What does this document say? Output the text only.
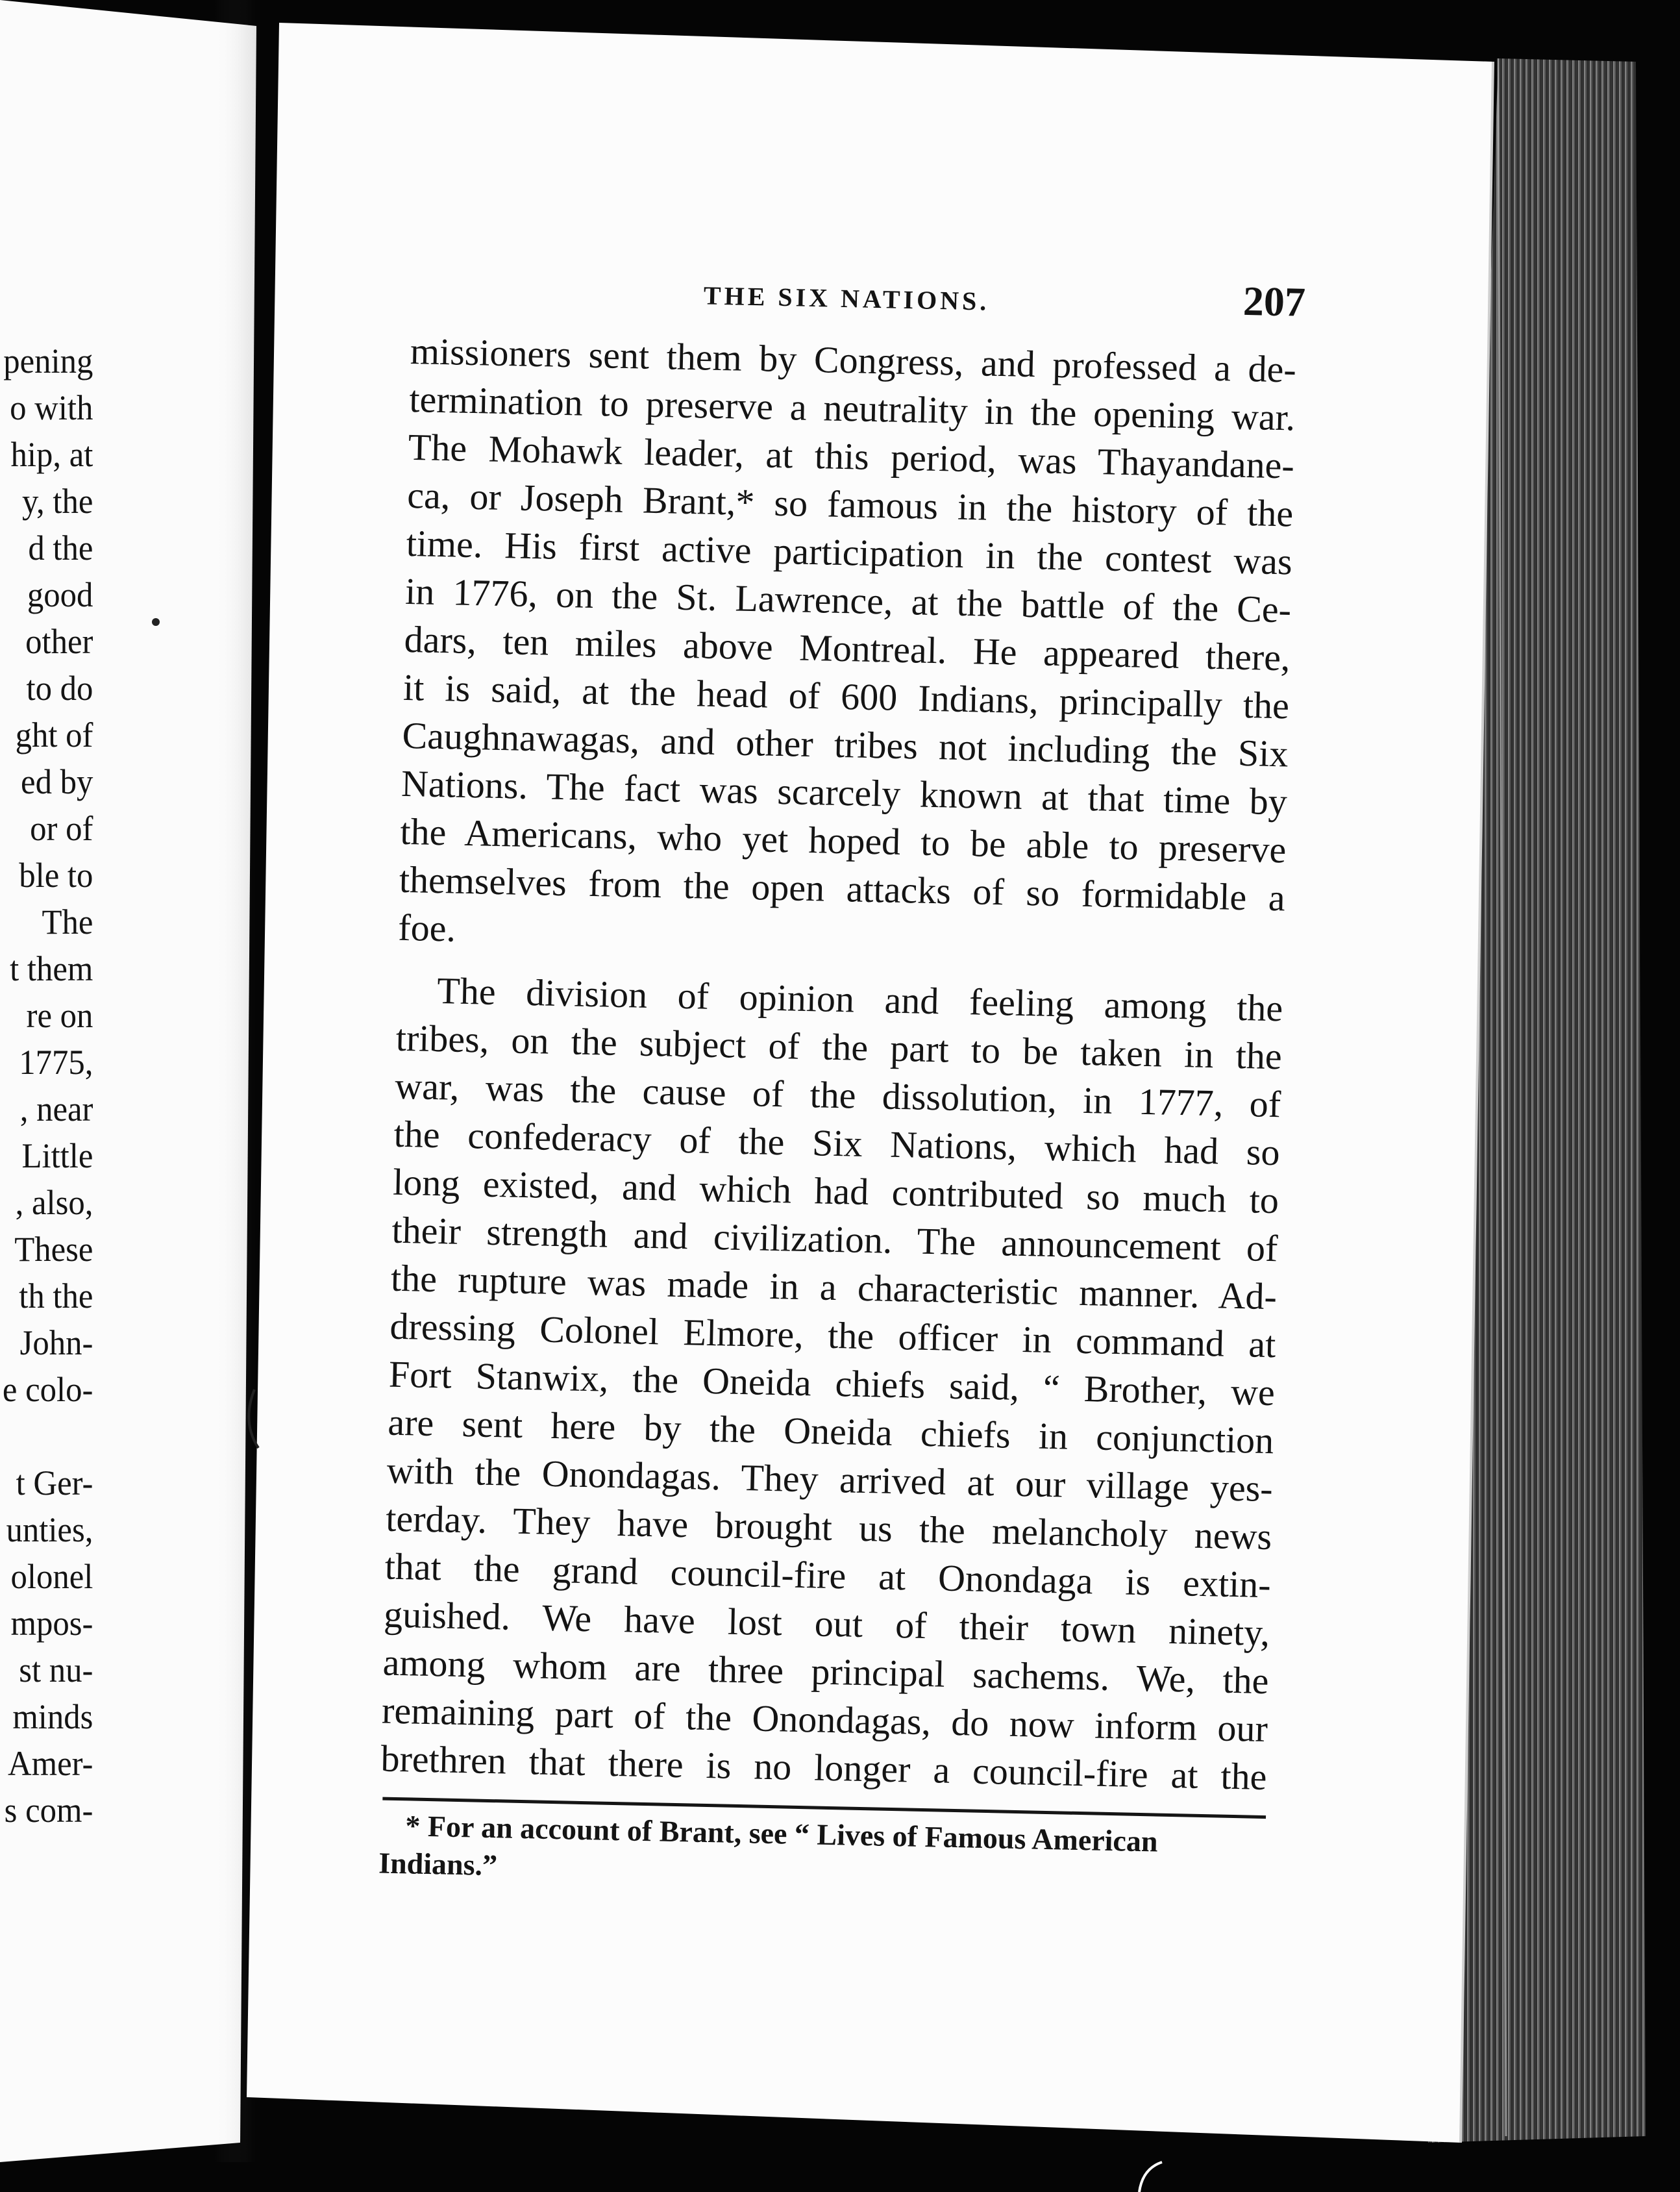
pening
o with
hip, at
y, the
d the
good
other
to do
ght of
ed by
or of
ble to
The
t them
re on
1775,
, near
Little
, also,
These
th the
John-
e colo-
t Ger-
unties,
olonel
mpos-
st nu-
minds
Amer-
s com-
THE SIX NATIONS.	207
missioners sent them by Congress, and professed a de-
termination to preserve a neutrality in the opening war.
The Mohawk leader, at this period, was Thayandane-
ca, or Joseph Brant,* so famous in the history of the
time. His first active participation in the contest was
in 1776, on the St. Lawrence, at the battle of the Ce-
dars, ten miles above Montreal. He appeared there,
it is said, at the head of 600 Indians, principally the
Caughnawagas, and other tribes not including the Six
Nations. The fact was scarcely known at that time by
the Americans, who yet hoped to be able to preserve
themselves from the open attacks of so formidable a
foe.
The division of opinion and feeling among the
tribes, on the subject of the part to be taken in the
war, was the cause of the dissolution, in 1777, of
the confederacy of the Six Nations, which had so
long existed, and which had contributed so much to
their strength and civilization. The announcement of
the rupture was made in a characteristic manner. Ad-
dressing Colonel Elmore, the officer in command at
Fort Stanwix, the Oneida chiefs said, “ Brother, we
are sent here by the Oneida chiefs in conjunction
with the Onondagas. They arrived at our village yes-
terday. They have brought us the melancholy news
that the grand council-fire at Onondaga is extin-
guished. We have lost out of their town ninety,
among whom are three principal sachems. We, the
remaining part of the Onondagas, do now inform our
brethren that there is no longer a council-fire at the
* For an account of Brant, see “ Lives of Famous American
Indians.”
